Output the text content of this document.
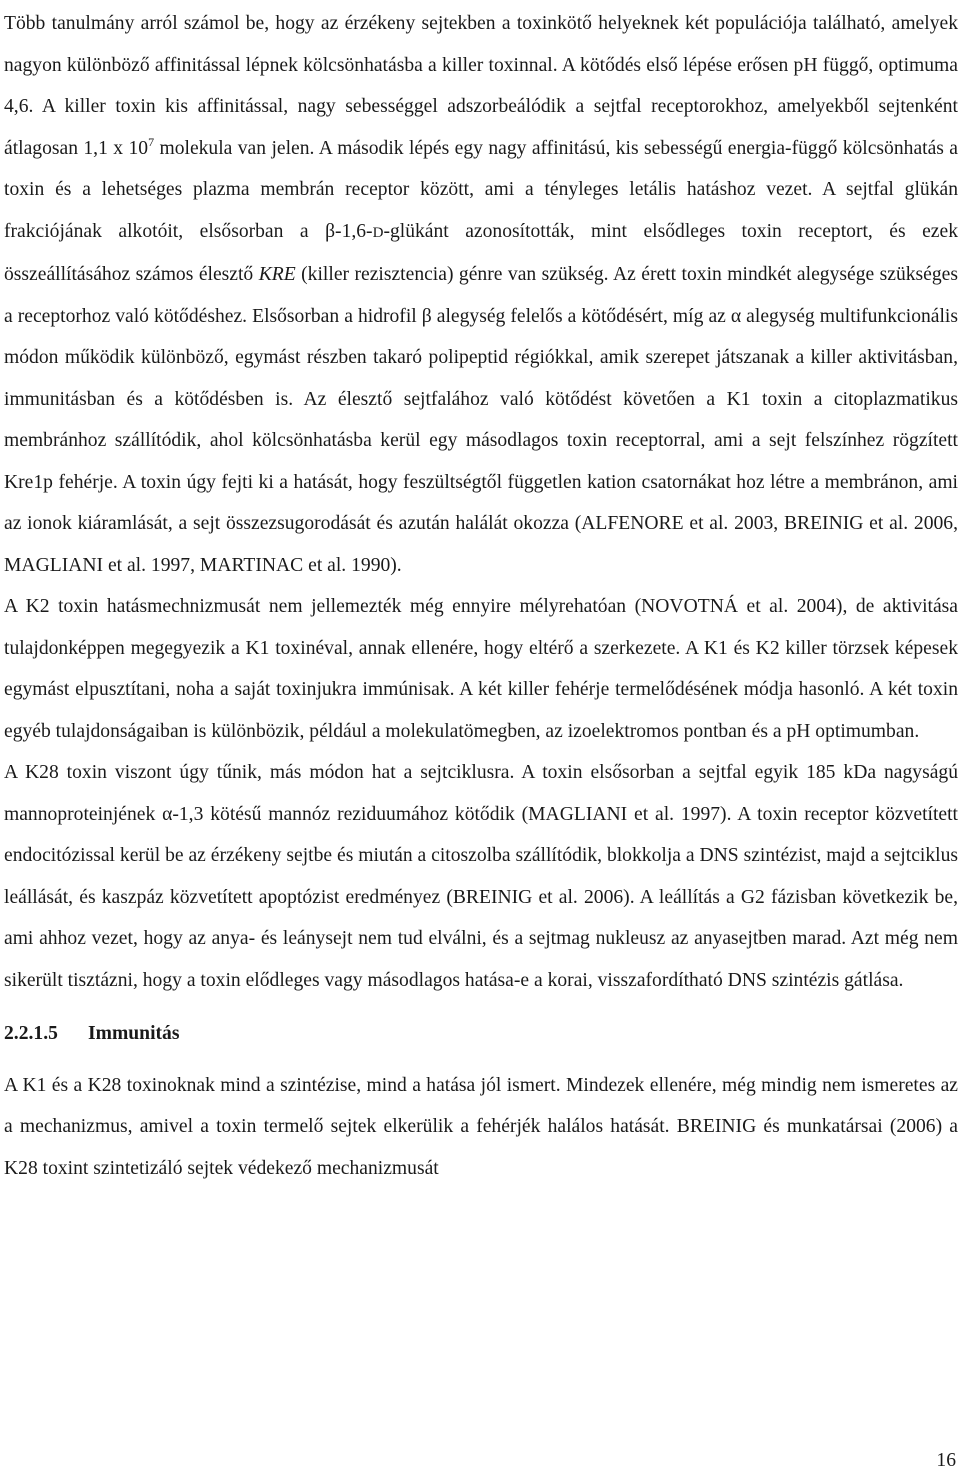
Több tanulmány arról számol be, hogy az érzékeny sejtekben a toxinkötő helyeknek két populációja található, amelyek nagyon különböző affinitással lépnek kölcsönhatásba a killer toxinnal. A kötődés első lépése erősen pH függő, optimuma 4,6. A killer toxin kis affinitással, nagy sebességgel adszorbeálódik a sejtfal receptorokhoz, amelyekből sejtenként átlagosan 1,1 x $10^7$ molekula van jelen. A második lépés egy nagy affinitású, kis sebességű energia-függő kölcsönhatás a toxin és a lehetséges plazma membrán receptor között, ami a tényleges letális hatáshoz vezet. A sejtfal glükán frakciójának alkotóit, elsősorban a β-1,6-D-glükánt azonosították, mint elsődleges toxin receptort, és ezek összeállításához számos élesztő KRE (killer rezisztencia) génre van szükség. Az érett toxin mindkét alegysége szükséges a receptorhoz való kötődéshez. Elsősorban a hidrofil β alegység felelős a kötődésért, míg az α alegység multifunkcionális módon működik különböző, egymást részben takaró polipeptid régiókkal, amik szerepet játszanak a killer aktivitásban, immunitásban és a kötődésben is. Az élesztő sejtfalához való kötődést követően a K1 toxin a citoplazmatikus membránhoz szállítódik, ahol kölcsönhatásba kerül egy másodlagos toxin receptorral, ami a sejt felszínhez rögzített Kre1p fehérje. A toxin úgy fejti ki a hatását, hogy feszültségtől független kation csatornákat hoz létre a membránon, ami az ionok kiáramlását, a sejt összezsugorodását és azután halálát okozza (ALFENORE et al. 2003, BREINIG et al. 2006, MAGLIANI et al. 1997, MARTINAC et al. 1990).

A K2 toxin hatásmechnizmusát nem jellemezték még ennyire mélyrehatóan (NOVOTNÁ et al. 2004), de aktivitása tulajdonképpen megegyezik a K1 toxinéval, annak ellenére, hogy eltérő a szerkezete. A K1 és K2 killer törzsek képesek egymást elpusztítani, noha a saját toxinjukra immúnisak. A két killer fehérje termelődésének módja hasonló. A két toxin egyéb tulajdonságaiban is különbözik, például a molekulatömegben, az izoelektromos pontban és a pH optimumban.

A K28 toxin viszont úgy tűnik, más módon hat a sejtciklusra. A toxin elsősorban a sejtfal egyik 185 kDa nagyságú mannoproteinjének α-1,3 kötésű mannóz reziduumához kötődik (MAGLIANI et al. 1997). A toxin receptor közvetített endocitózissal kerül be az érzékeny sejtbe és miután a citoszolba szállítódik, blokkolja a DNS szintézist, majd a sejtciklus leállását, és kaszpáz közvetített apoptózist eredményez (BREINIG et al. 2006). A leállítás a G2 fázisban következik be, ami ahhoz vezet, hogy az anya- és leánysejt nem tud elválni, és a sejtmag nukleusz az anyasejtben marad. Azt még nem sikerült tisztázni, hogy a toxin elődleges vagy másodlagos hatása-e a korai, visszafordítható DNS szintézis gátlása.

2.2.1.5 Immunitás

A K1 és a K28 toxinoknak mind a szintézise, mind a hatása jól ismert. Mindezek ellenére, még mindig nem ismeretes az a mechanizmus, amivel a toxin termelő sejtek elkerülik a fehérjék halálos hatását. BREINIG és munkatársai (2006) a K28 toxint szintetizáló sejtek védekező mechanizmusát

16
